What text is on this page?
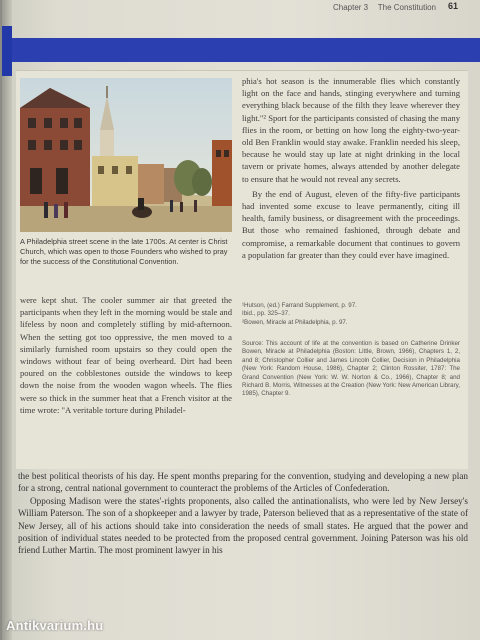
Chapter 3  The Constitution 61
A Philadelphia street scene in the late 1700s. At center is Christ Church, which was open to those Founders who wished to pray for the success of the Constitutional Convention.

were kept shut. The cooler summer air that greeted the participants when they left in the morning would be stale and lifeless by noon and completely stifling by mid-afternoon. When the setting got too oppressive, the men moved to a similarly furnished room upstairs so they could open the windows without fear of being overheard. Dirt had been poured on the cobblestones outside the windows to keep down the noise from the wooden wagon wheels. The flies were so thick in the summer heat that a French visitor at the time wrote: "A veritable torture during Philadel-

phia's hot season is the innumerable flies which constantly light on the face and hands, stinging everywhere and turning everything black because of the filth they leave wherever they light."² Sport for the participants consisted of chasing the many flies in the room, or betting on how long the eighty-two-year-old Ben Franklin would stay awake. Franklin needed his sleep, because he would stay up late at night drinking in the local tavern or private homes, always attended by another delegate to ensure that he would not reveal any secrets.

By the end of August, eleven of the fifty-five participants had invented some excuse to leave permanently, citing ill health, family business, or disagreement with the proceedings. But those who remained fashioned, through debate and compromise, a remarkable document that continues to govern a population far greater than they could ever have imagined.

¹Hutson, (ed.) Farrand Supplement, p. 97.

Ibid., pp. 325–37.

²Bowen, Miracle at Philadelphia, p. 97.

Source: This account of life at the convention is based on Catherine Drinker Bowen, Miracle at Philadelphia (Boston: Little, Brown, 1966), Chapters 1, 2, and 8; Christopher Collier and James Lincoln Collier, Decision in Philadelphia (New York: Random House, 1986), Chapter 2; Clinton Rossiter, 1787: The Grand Convention (New York: W. W. Norton & Co., 1966), Chapter 8; and Richard B. Morris, Witnesses at the Creation (New York: New American Library, 1985), Chapter 9.

the best political theorists of his day. He spent months preparing for the convention, studying and developing a new plan for a strong, central national government to counteract the problems of the Articles of Confederation.

Opposing Madison were the states'-rights proponents, also called the antinationalists, who were led by New Jersey's William Paterson. The son of a shopkeeper and a lawyer by trade, Paterson believed that as a representative of the state of New Jersey, all of his actions should take into consideration the needs of small states. He argued that the power and position of individual states needed to be protected from the proposed central government. Joining Paterson was his old friend Luther Martin. The most prominent lawyer in his

Antikvarium.hu
